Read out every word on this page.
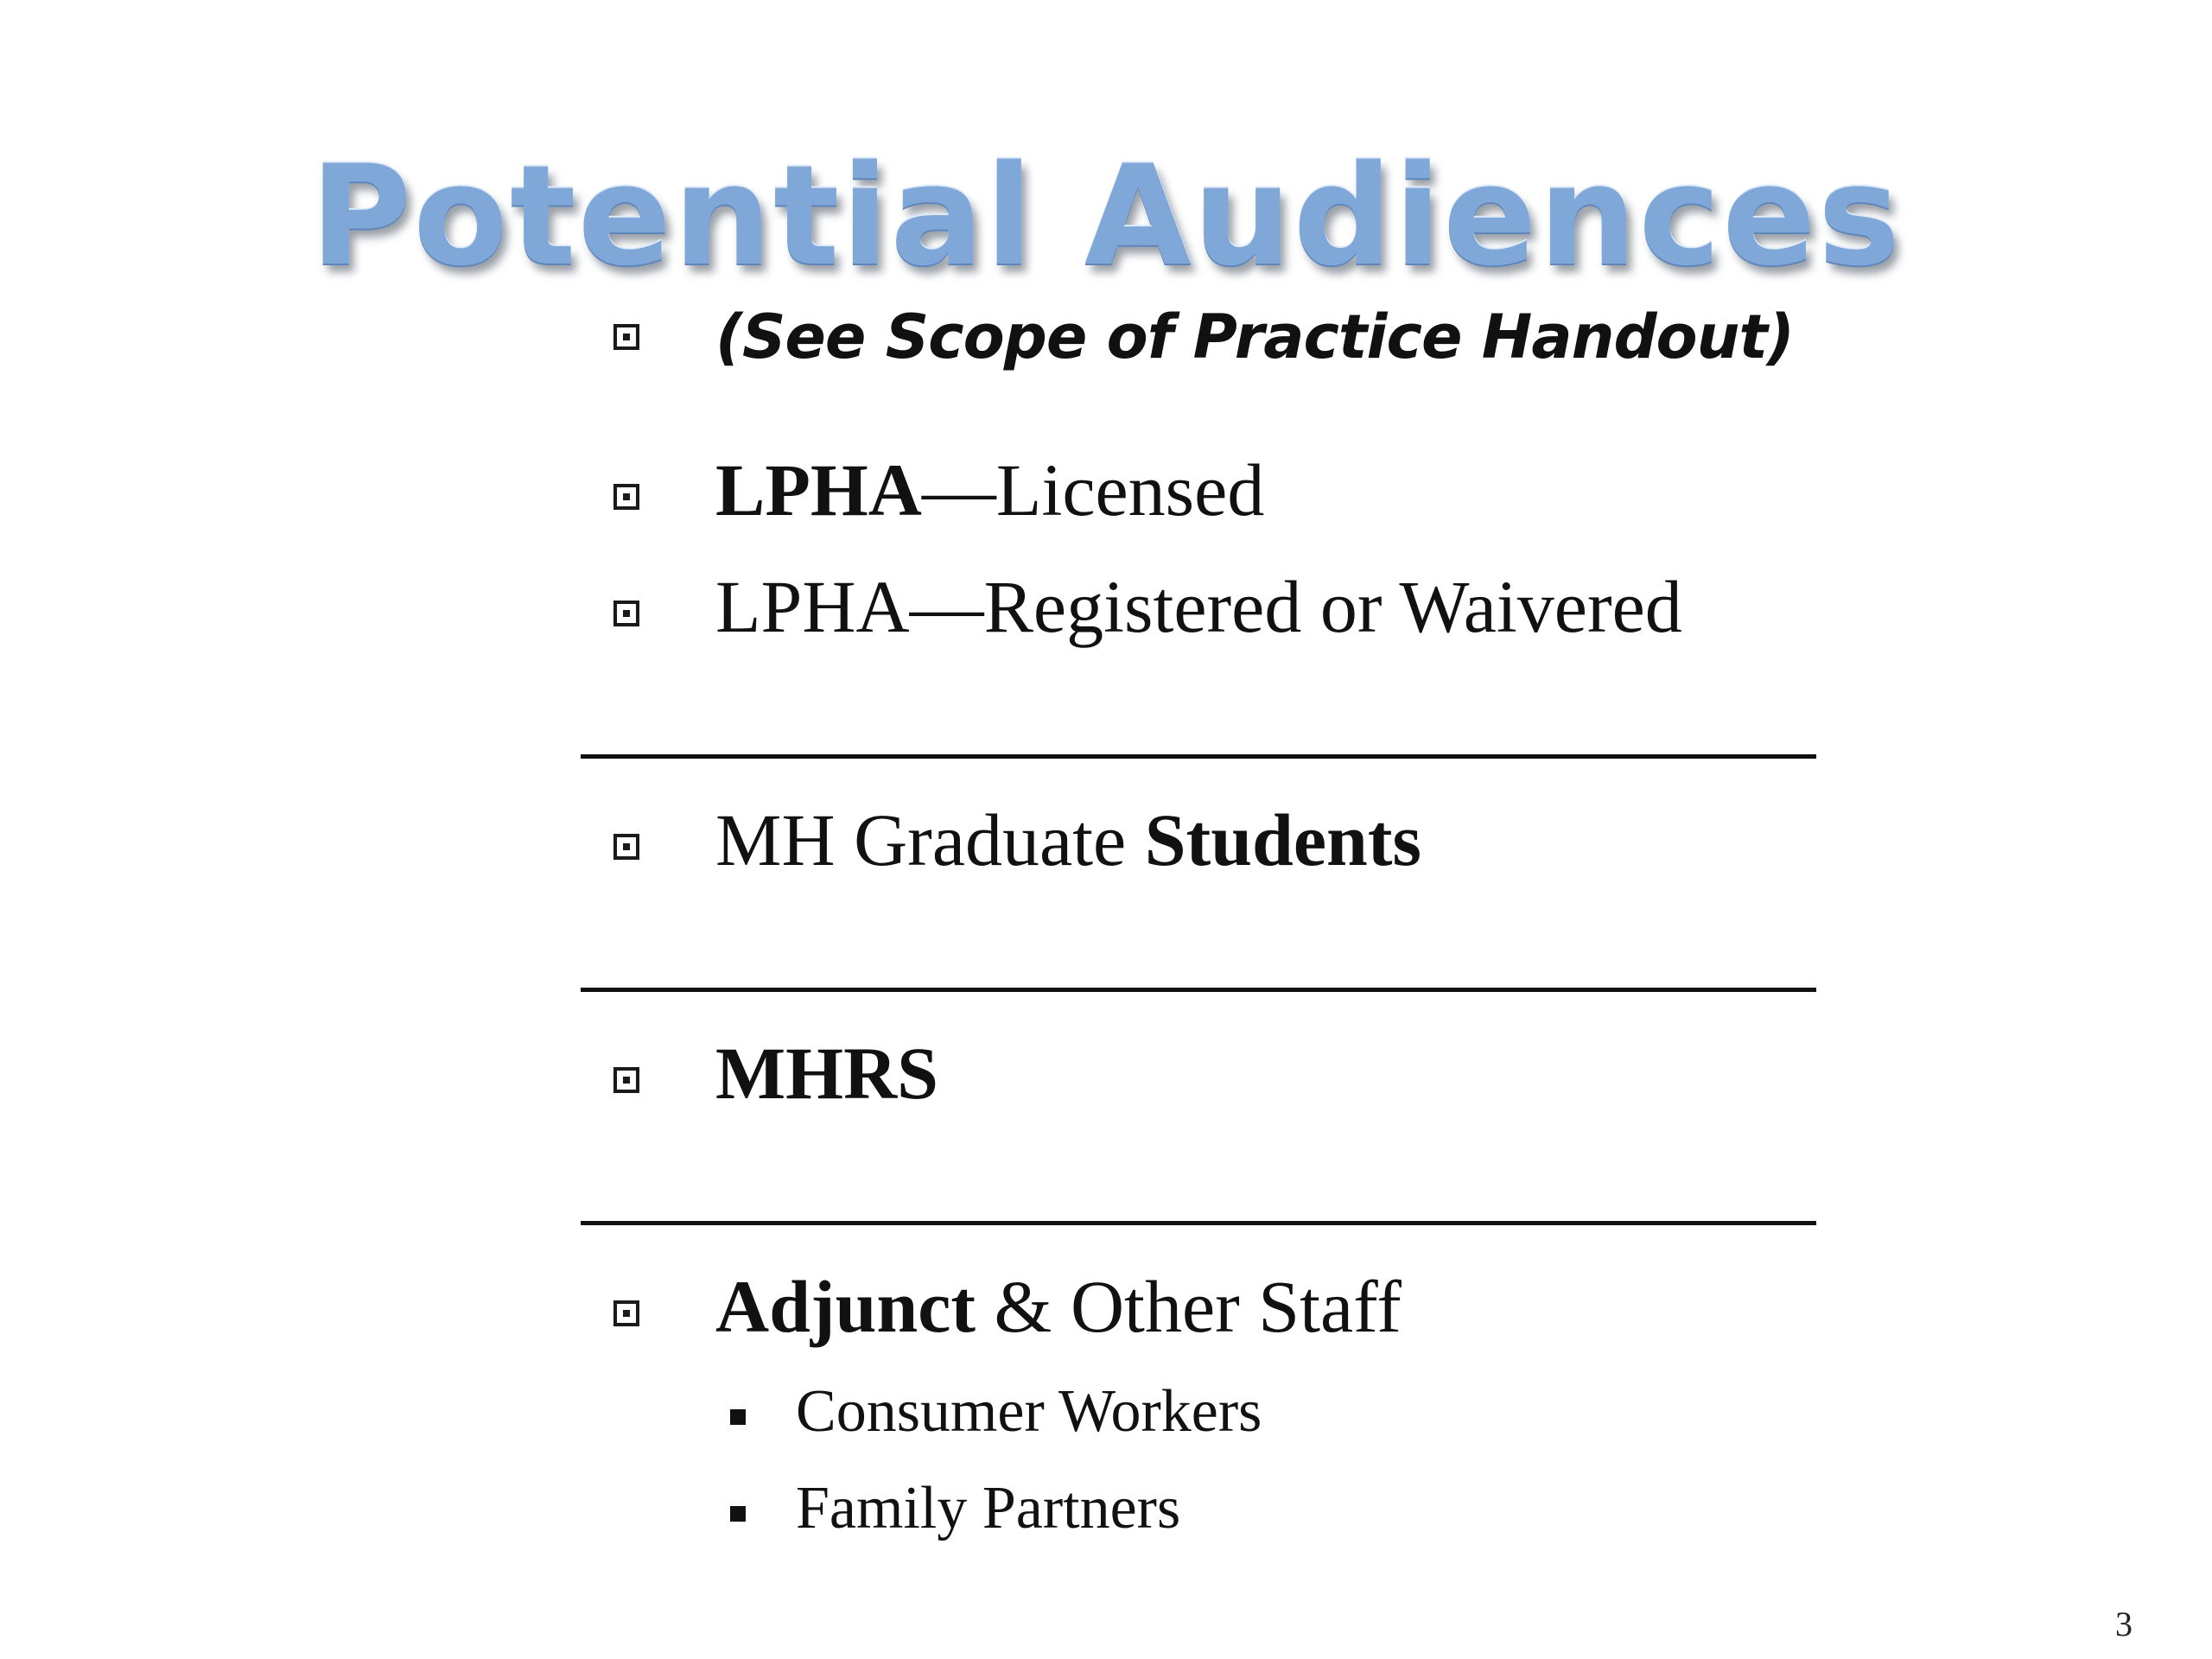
Potential Audiences
(See Scope of Practice Handout)
LPHA—Licensed
LPHA—Registered or Waivered
MH Graduate Students
MHRS
Adjunct & Other Staff
Consumer Workers
Family Partners
3
